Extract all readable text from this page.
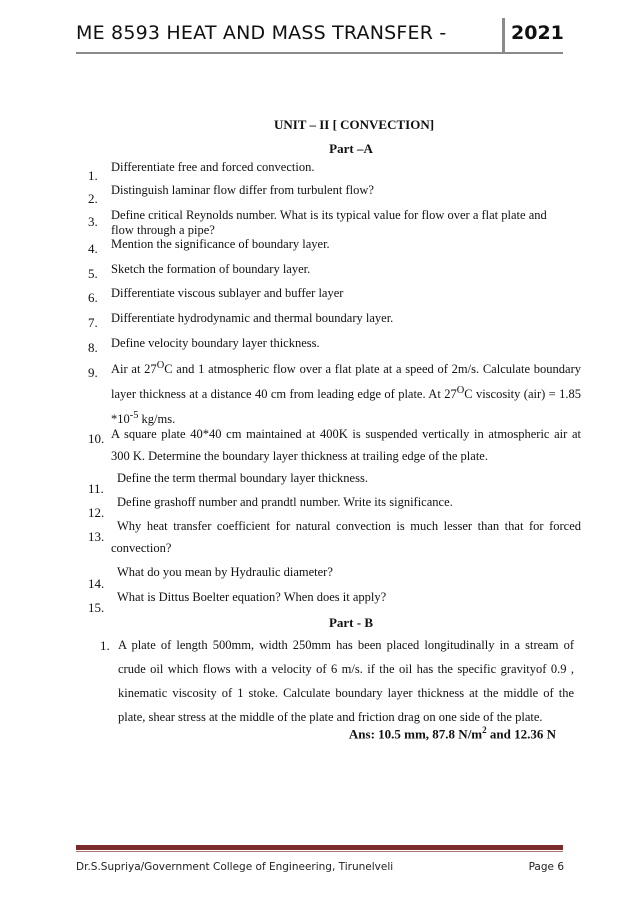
ME 8593 HEAT AND MASS TRANSFER -	2021
UNIT – II [ CONVECTION]
Part –A
1.
Differentiate free and forced convection.
2.
Distinguish laminar flow differ from turbulent flow?
3. Define critical Reynolds number. What is its typical value for flow over a flat plate and flow through a pipe?
4. Mention the significance of boundary layer.
5. Sketch the formation of boundary layer.
6. Differentiate viscous sublayer and buffer layer
7. Differentiate hydrodynamic and thermal boundary layer.
8. Define velocity boundary layer thickness.
9. Air at $27^OC$ and 1 atmospheric flow over a flat plate at a speed of 2m/s. Calculate boundary layer thickness at a distance 40 cm from leading edge of plate. At $27^OC$ viscosity (air) = 1.85 $*10^{-5}$ kg/ms.
10. A square plate 40*40 cm maintained at 400K is suspended vertically in atmospheric air at 300 K. Determine the boundary layer thickness at trailing edge of the plate.
11.
Define the term thermal boundary layer thickness.
12.
Define grashoff number and prandtl number. Write its significance.
13.
Why heat transfer coefficient for natural convection is much lesser than that for forced convection?
14.
What do you mean by Hydraulic diameter?
15.
What is Dittus Boelter equation? When does it apply?
Part - B
1. A plate of length 500mm, width 250mm has been placed longitudinally in a stream of crude oil which flows with a velocity of 6 m/s. if the oil has the specific gravityof 0.9 , kinematic viscosity of 1 stoke. Calculate boundary layer thickness at the middle of the plate, shear stress at the middle of the plate and friction drag on one side of the plate.
Ans: 10.5 mm, 87.8 $N/m^2$ and 12.36 N
Dr.S.Supriya/Government College of Engineering, Tirunelveli	Page 6
